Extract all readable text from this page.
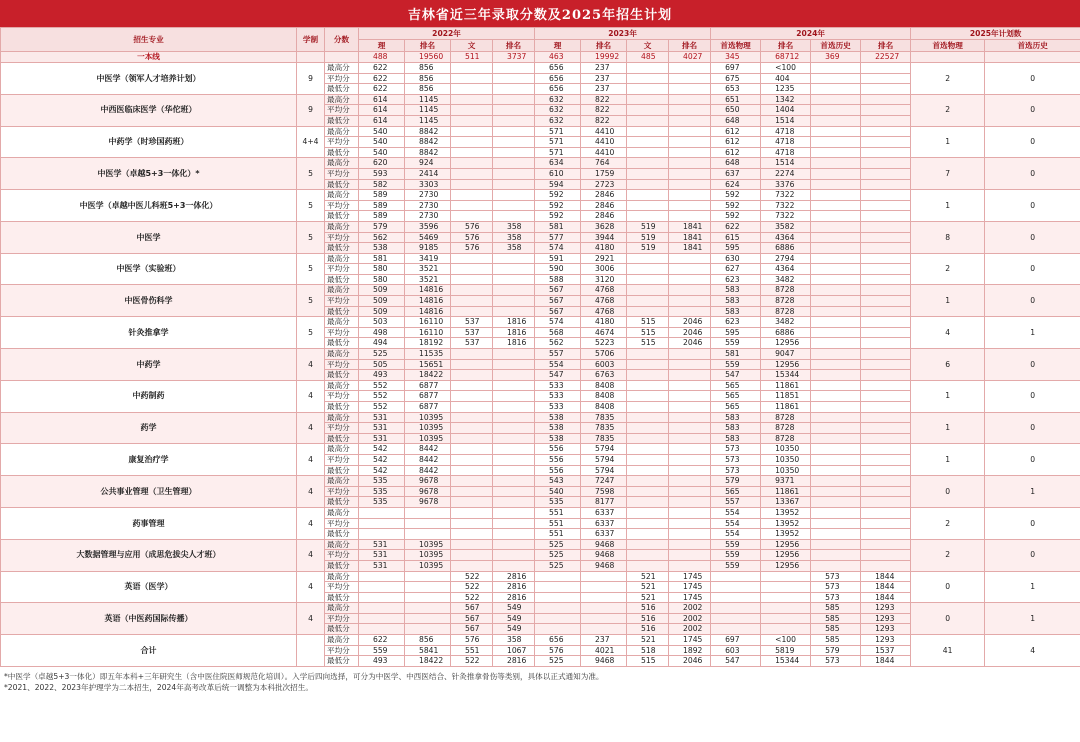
吉林省近三年录取分数及2025年招生计划
招生专业	学制	分数	2022年				2023年				2024年				2025年计划数	
			理	排名	文	排名	理	排名	文	排名	首选物理	排名	首选历史	排名	首选物理	首选历史
一本线			488	19560	511	3737	463	19992	485	4027	345	68712	369	22527		
中医学（领军人才培养计划）	9	最高分	622	856			656	237			697	<100			2	0
		平均分	622	856			656	237			675	404				
		最低分	622	856			656	237			653	1235				
中西医临床医学（华佗班）	9	最高分	614	1145			632	822			651	1342			2	0
		平均分	614	1145			632	822			650	1404				
		最低分	614	1145			632	822			648	1514				
中药学（时珍国药班）	4+4	最高分	540	8842			571	4410			612	4718			1	0
		平均分	540	8842			571	4410			612	4718				
		最低分	540	8842			571	4410			612	4718				
中医学（卓越5+3一体化）*	5	最高分	620	924			634	764			648	1514			7	0
		平均分	593	2414			610	1759			637	2274				
		最低分	582	3303			594	2723			624	3376				
中医学（卓越中医儿科班5+3一体化）	5	最高分	589	2730			592	2846			592	7322			1	0
		平均分	589	2730			592	2846			592	7322				
		最低分	589	2730			592	2846			592	7322				
中医学	5	最高分	579	3596	576	358	581	3628	519	1841	622	3582			8	0
		平均分	562	5469	576	358	577	3944	519	1841	615	4364				
		最低分	538	9185	576	358	574	4180	519	1841	595	6886				
中医学（实验班）	5	最高分	581	3419			591	2921			630	2794			2	0
		平均分	580	3521			590	3006			627	4364				
		最低分	580	3521			588	3120			623	3482				
中医骨伤科学	5	最高分	509	14816			567	4768			583	8728			1	0
		平均分	509	14816			567	4768			583	8728				
		最低分	509	14816			567	4768			583	8728				
针灸推拿学	5	最高分	503	16110	537	1816	574	4180	515	2046	623	3482			4	1
		平均分	498	16110	537	1816	568	4674	515	2046	595	6886				
		最低分	494	18192	537	1816	562	5223	515	2046	559	12956				
中药学	4	最高分	525	11535			557	5706			581	9047			6	0
		平均分	505	15651			554	6003			559	12956				
		最低分	493	18422			547	6763			547	15344				
中药制药	4	最高分	552	6877			533	8408			565	11861			1	0
		平均分	552	6877			533	8408			565	11851				
		最低分	552	6877			533	8408			565	11861				
药学	4	最高分	531	10395			538	7835			583	8728			1	0
		平均分	531	10395			538	7835			583	8728				
		最低分	531	10395			538	7835			583	8728				
康复治疗学	4	最高分	542	8442			556	5794			573	10350			1	0
		平均分	542	8442			556	5794			573	10350				
		最低分	542	8442			556	5794			573	10350				
公共事业管理（卫生管理）	4	最高分	535	9678			543	7247			579	9371			0	1
		平均分	535	9678			540	7598			565	11861				
		最低分	535	9678			535	8177			557	13367				
药事管理	4	最高分					551	6337			554	13952			2	0
		平均分					551	6337			554	13952				
		最低分					551	6337			554	13952				
大数据管理与应用（成思危拔尖人才班）	4	最高分	531	10395			525	9468			559	12956			2	0
		平均分	531	10395			525	9468			559	12956				
		最低分	531	10395			525	9468			559	12956				
英语（医学）	4	最高分			522	2816			521	1745			573	1844	0	1
		平均分			522	2816			521	1745			573	1844		
		最低分			522	2816			521	1745			573	1844		
英语（中医药国际传播）	4	最高分			567	549			516	2002			585	1293	0	1
		平均分			567	549			516	2002			585	1293		
		最低分			567	549			516	2002			585	1293		
合计		最高分	622	856	576	358	656	237	521	1745	697	<100	585	1293	41	4
		平均分	559	5841	551	1067	576	4021	518	1892	603	5819	579	1537		
		最低分	493	18422	522	2816	525	9468	515	2046	547	15344	573	1844		
*中医学（卓越5+3一体化）即五年本科+三年研究生（含中医住院医师规范化培训）。入学后四向选择，可分为中医学、中西医结合、针灸推拿骨伤等类别，具体以正式通知为准。
*2021、2022、2023年护理学为二本招生，2024年高考改革后统一调整为本科批次招生。
